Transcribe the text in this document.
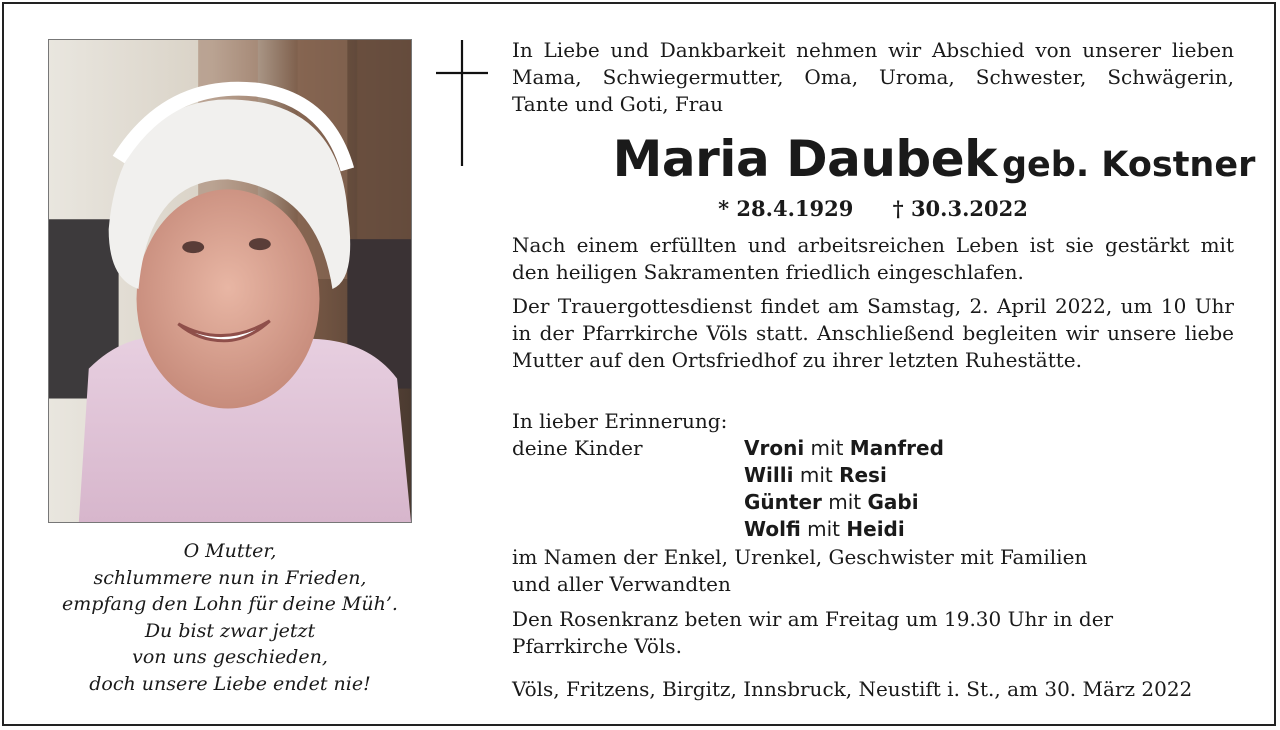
O Mutter,
schlummere nun in Frieden,
empfang den Lohn für deine Müh’.
Du bist zwar jetzt
von uns geschieden,
doch unsere Liebe endet nie!
In Liebe und Dankbarkeit nehmen wir Abschied von unserer lieben
Mama, Schwiegermutter, Oma, Uroma, Schwester, Schwägerin,
Tante und Goti, Frau
Maria Daubek geb. Kostner
* 28.4.1929 † 30.3.2022
Nach einem erfüllten und arbeitsreichen Leben ist sie gestärkt mit den heiligen Sakramenten friedlich eingeschlafen.
Der Trauergottesdienst findet am Samstag, 2. April 2022, um 10 Uhr in der Pfarrkirche Völs statt. Anschließend begleiten wir unsere liebe Mutter auf den Ortsfriedhof zu ihrer letzten Ruhestätte.
In lieber Erinnerung:
deine Kinder	Vroni mit Manfred
Willi mit Resi
Günter mit Gabi
Wolfi mit Heidi
im Namen der Enkel, Urenkel, Geschwister mit Familien
und aller Verwandten
Den Rosenkranz beten wir am Freitag um 19.30 Uhr in der Pfarrkirche Völs.
Völs, Fritzens, Birgitz, Innsbruck, Neustift i. St., am 30. März 2022
